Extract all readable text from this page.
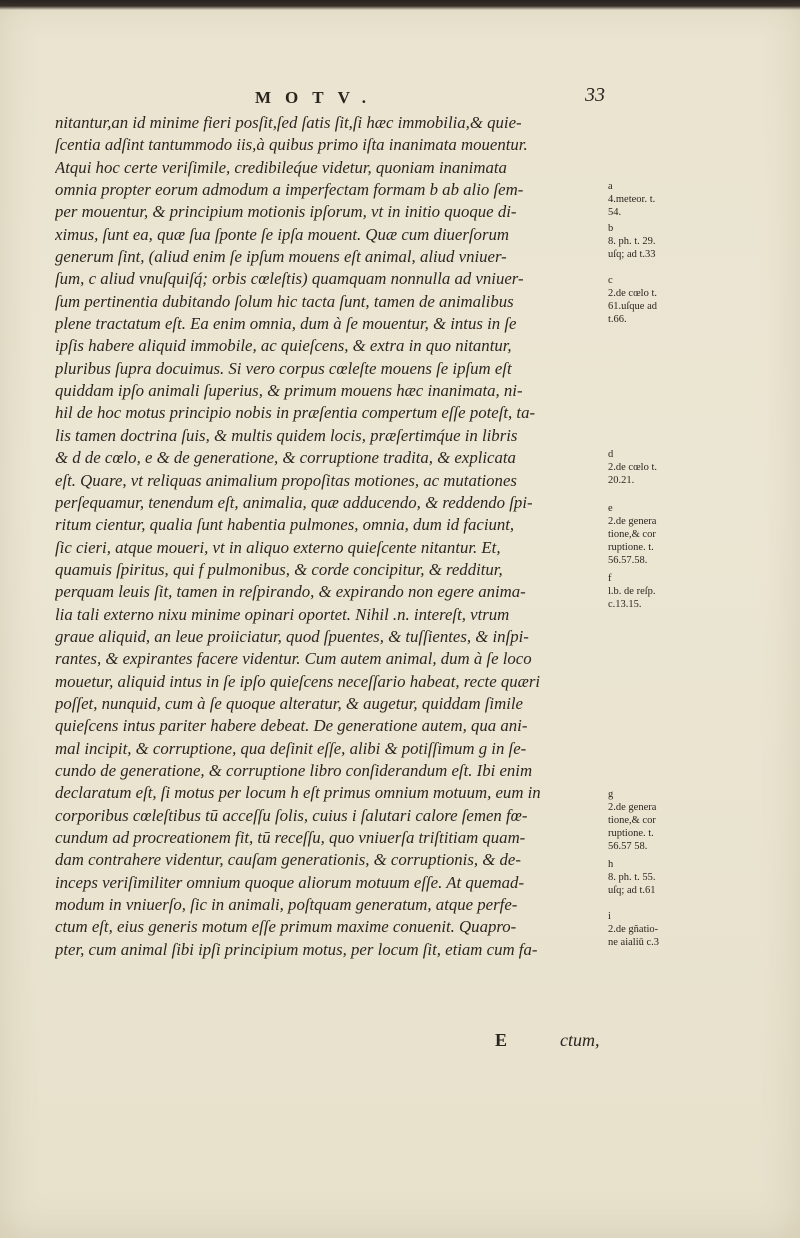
MOTV.	33
nitantur,an id minime fieri posſit,ſed ſatis ſit,ſi hæc immobilia,& quie-
ſcentia adſint tantummodo iis,à quibus primo iſta inanimata mouentur.
Atqui hoc certe veriſimile, credibileq́ue videtur, quoniam inanimata
omnia propter eorum admodum a imperfectam formam b ab alio ſem-
per mouentur, & principium motionis ipſorum, vt in initio quoque di-
ximus, ſunt ea, quæ ſua ſponte ſe ipſa mouent. Quæ cum diuerſorum
generum ſint, (aliud enim ſe ipſum mouens eſt animal, aliud vniuer-
ſum, c aliud vnuſquiſq́; orbis cœleſtis) quamquam nonnulla ad vniuer-
ſum pertinentia dubitando ſolum hic tacta ſunt, tamen de animalibus
plene tractatum eſt. Ea enim omnia, dum à ſe mouentur, & intus in ſe
ipſis habere aliquid immobile, ac quieſcens, & extra in quo nitantur,
pluribus ſupra docuimus. Si vero corpus cœleſte mouens ſe ipſum eſt
quiddam ipſo animali ſuperius, & primum mouens hæc inanimata, ni-
hil de hoc motus principio nobis in præſentia compertum eſſe poteſt, ta-
lis tamen doctrina ſuis, & multis quidem locis, præſertimq́ue in libris
& d de cœlo, e & de generatione, & corruptione tradita, & explicata
eſt. Quare, vt reliquas animalium propoſitas motiones, ac mutationes
perſequamur, tenendum eſt, animalia, quæ adducendo, & reddendo ſpi-
ritum cientur, qualia ſunt habentia pulmones, omnia, dum id faciunt,
ſic cieri, atque moueri, vt in aliquo externo quieſcente nitantur. Et,
quamuis ſpiritus, qui f pulmonibus, & corde concipitur, & redditur,
perquam leuis ſit, tamen in reſpirando, & expirando non egere anima-
lia tali externo nixu minime opinari oportet. Nihil .n. intereſt, vtrum
graue aliquid, an leue proiiciatur, quod ſpuentes, & tuſſientes, & inſpi-
rantes, & expirantes facere videntur. Cum autem animal, dum à ſe loco
mouetur, aliquid intus in ſe ipſo quieſcens neceſſario habeat, recte quæri
poſſet, nunquid, cum à ſe quoque alteratur, & augetur, quiddam ſimile
quieſcens intus pariter habere debeat. De generatione autem, qua ani-
mal incipit, & corruptione, qua deſinit eſſe, alibi & potiſſimum g in ſe-
cundo de generatione, & corruptione libro conſiderandum eſt. Ibi enim
declaratum eſt, ſi motus per locum h eſt primus omnium motuum, eum in
corporibus cœleſtibus tū acceſſu ſolis, cuius i ſalutari calore ſemen fœ-
cundum ad procreationem fit, tū receſſu, quo vniuerſa triſtitiam quam-
dam contrahere videntur, cauſam generationis, & corruptionis, & de-
inceps veriſimiliter omnium quoque aliorum motuum eſſe. At quemad-
modum in vniuerſo, ſic in animali, poſtquam generatum, atque perfe-
ctum eſt, eius generis motum eſſe primum maxime conuenit. Quapro-
pter, cum animal ſibi ipſi principium motus, per locum ſit, etiam cum fa-
a
4.meteor. t.
54.
b
8. ph. t. 29.
uſq; ad t.33
c
2.de cœlo t.
61.uſque ad
t.66.
d
2.de cœlo t.
20.21.
e
2.de genera
tione,& cor
ruptione. t.
56.57.58.
f
l.b. de reſp.
c.13.15.
g
2.de genera
tione,& cor
ruptione. t.
56.57 58.
h
8. ph. t. 55.
uſq; ad t.61
i
2.de gñatio-
ne aialiū c.3
E	ctum,
